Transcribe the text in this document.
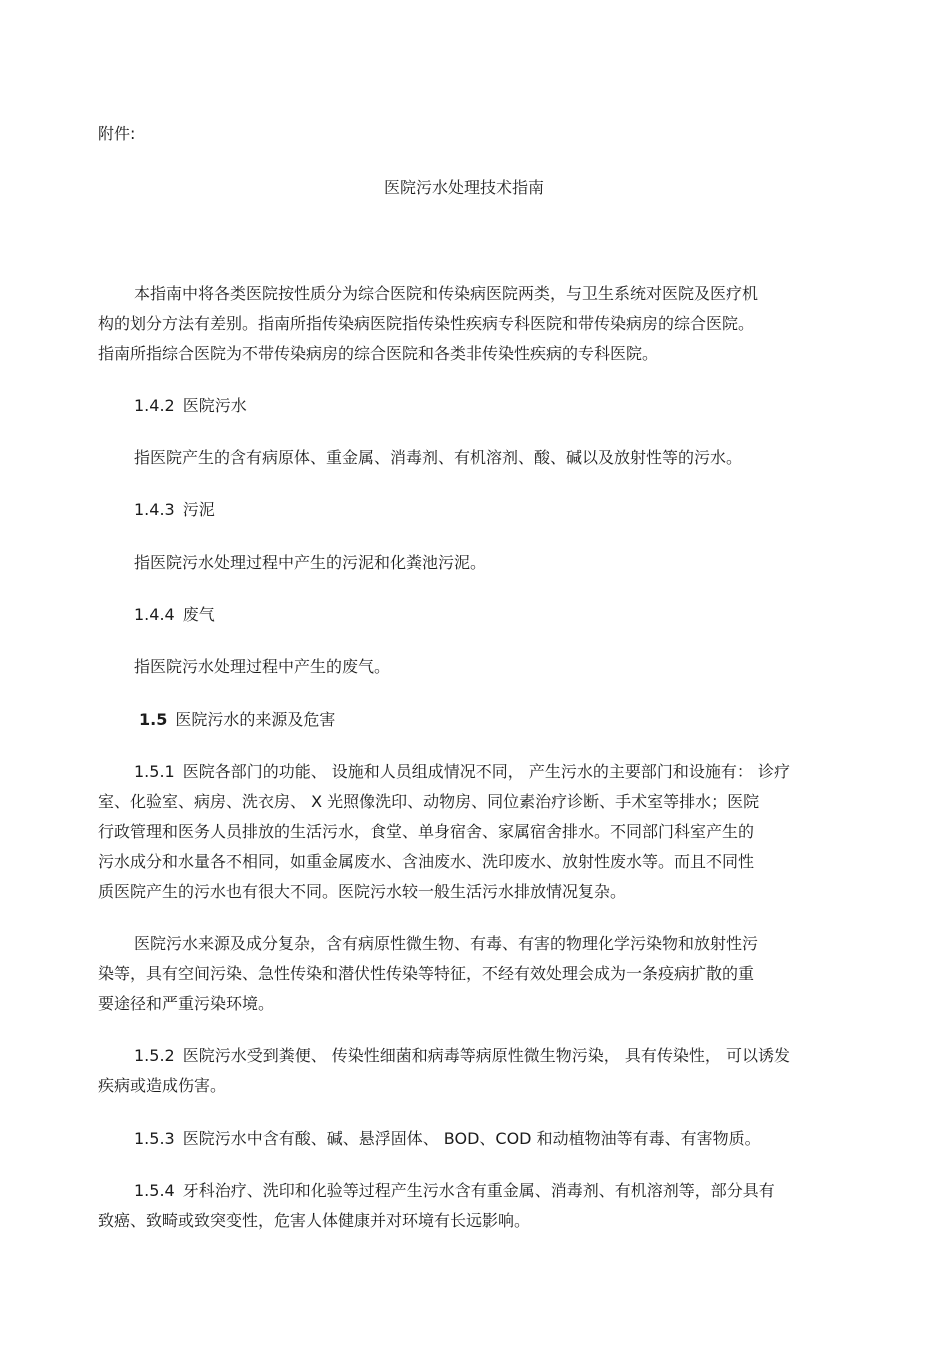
附件:
医院污水处理技术指南
本指南中将各类医院按性质分为综合医院和传染病医院两类，与卫生系统对医院及医疗机
构的划分方法有差别。指南所指传染病医院指传染性疾病专科医院和带传染病房的综合医院。
指南所指综合医院为不带传染病房的综合医院和各类非传染性疾病的专科医院。
1.4.2 医院污水
指医院产生的含有病原体、重金属、消毒剂、有机溶剂、酸、碱以及放射性等的污水。
1.4.3 污泥
指医院污水处理过程中产生的污泥和化粪池污泥。
1.4.4 废气
指医院污水处理过程中产生的废气。
1.5 医院污水的来源及危害
1.5.1 医院各部门的功能、 设施和人员组成情况不同， 产生污水的主要部门和设施有： 诊疗
室、化验室、病房、洗衣房、 X 光照像洗印、动物房、同位素治疗诊断、手术室等排水；医院
行政管理和医务人员排放的生活污水，食堂、单身宿舍、家属宿舍排水。不同部门科室产生的
污水成分和水量各不相同，如重金属废水、含油废水、洗印废水、放射性废水等。而且不同性
质医院产生的污水也有很大不同。医院污水较一般生活污水排放情况复杂。
医院污水来源及成分复杂，含有病原性微生物、有毒、有害的物理化学污染物和放射性污
染等，具有空间污染、急性传染和潜伏性传染等特征，不经有效处理会成为一条疫病扩散的重
要途径和严重污染环境。
1.5.2 医院污水受到粪便、 传染性细菌和病毒等病原性微生物污染， 具有传染性， 可以诱发
疾病或造成伤害。
1.5.3 医院污水中含有酸、碱、悬浮固体、 BOD、COD 和动植物油等有毒、有害物质。
1.5.4 牙科治疗、洗印和化验等过程产生污水含有重金属、消毒剂、有机溶剂等，部分具有
致癌、致畸或致突变性，危害人体健康并对环境有长远影响。
